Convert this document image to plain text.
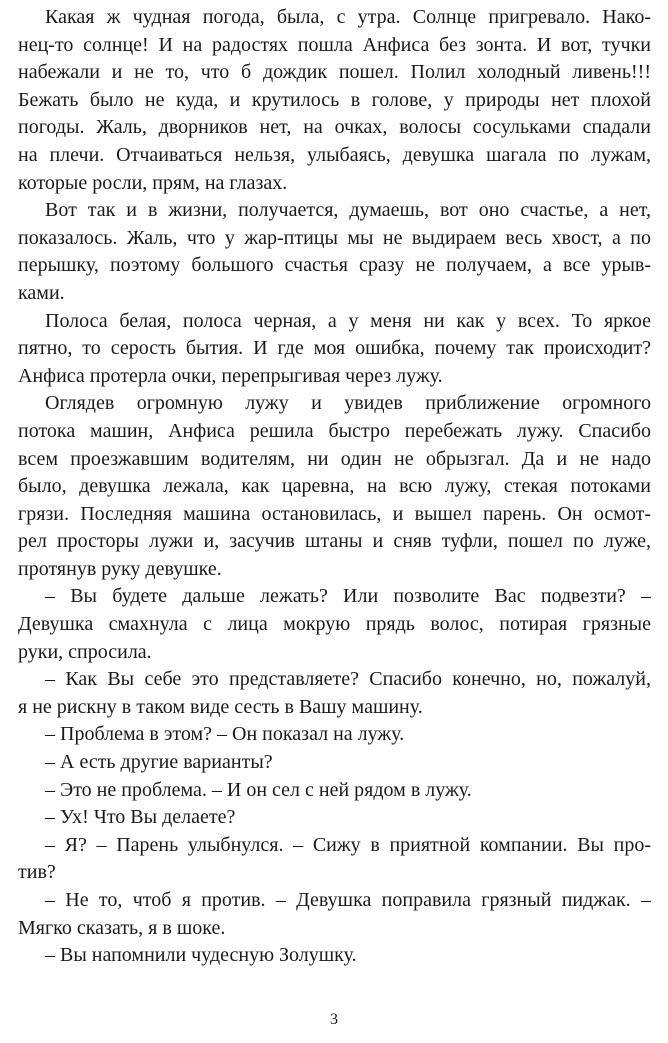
Какая ж чудная погода, была, с утра. Солнце пригревало. Нако-
нец-то солнце! И на радостях пошла Анфиса без зонта. И вот, тучки
набежали и не то, что б дождик пошел. Полил холодный ливень!!!
Бежать было не куда, и крутилось в голове, у природы нет плохой
погоды. Жаль, дворников нет, на очках, волосы сосульками спадали
на плечи. Отчаиваться нельзя, улыбаясь, девушка шагала по лужам,
которые росли, прям, на глазах.
Вот так и в жизни, получается, думаешь, вот оно счастье, а нет,
показалось. Жаль, что у жар-птицы мы не выдираем весь хвост, а по
перышку, поэтому большого счастья сразу не получаем, а все урыв-
ками.
Полоса белая, полоса черная, а у меня ни как у всех. То яркое
пятно, то серость бытия. И где моя ошибка, почему так происходит?
Анфиса протерла очки, перепрыгивая через лужу.
Оглядев огромную лужу и увидев приближение огромного
потока машин, Анфиса решила быстро перебежать лужу. Спасибо
всем проезжавшим водителям, ни один не обрызгал. Да и не надо
было, девушка лежала, как царевна, на всю лужу, стекая потоками
грязи. Последняя машина остановилась, и вышел парень. Он осмот-
рел просторы лужи и, засучив штаны и сняв туфли, пошел по луже,
протянув руку девушке.
– Вы будете дальше лежать? Или позволите Вас подвезти? –
Девушка смахнула с лица мокрую прядь волос, потирая грязные
руки, спросила.
– Как Вы себе это представляете? Спасибо конечно, но, пожалуй,
я не рискну в таком виде сесть в Вашу машину.
– Проблема в этом? – Он показал на лужу.
– А есть другие варианты?
– Это не проблема. – И он сел с ней рядом в лужу.
– Ух! Что Вы делаете?
– Я? – Парень улыбнулся. – Сижу в приятной компании. Вы про-
тив?
– Не то, чтоб я против. – Девушка поправила грязный пиджак. –
Мягко сказать, я в шоке.
– Вы напомнили чудесную Золушку.
3
